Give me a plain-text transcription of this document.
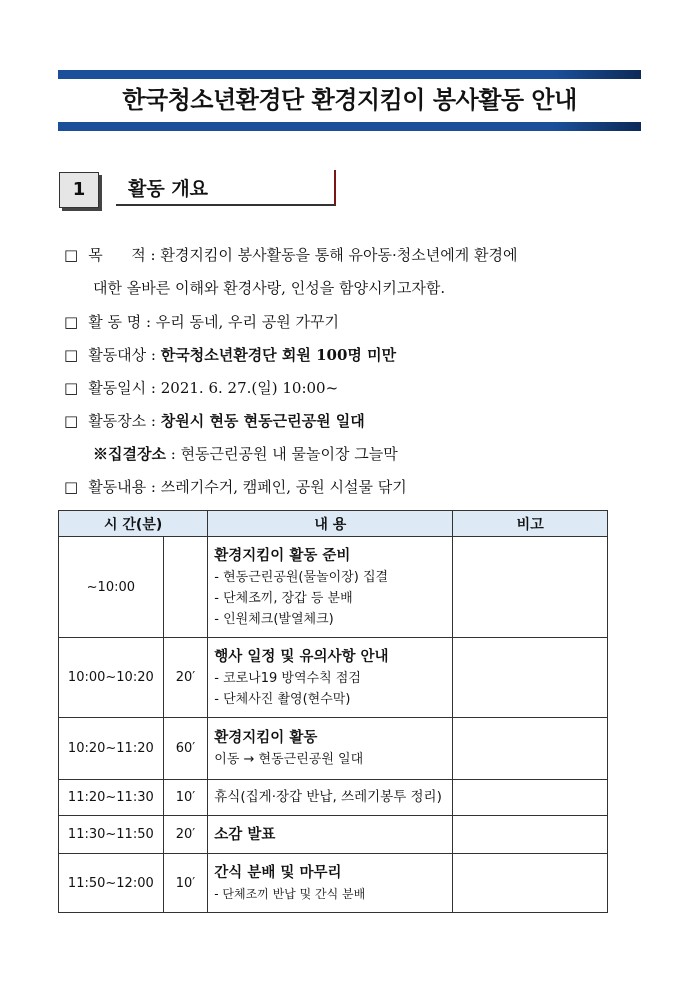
한국청소년환경단 환경지킴이 봉사활동 안내
1	활동 개요
□ 목      적 : 환경지킴이 봉사활동을 통해 유아동·청소년에게 환경에
대한 올바른 이해와 환경사랑, 인성을 함양시키고자함.
□ 활 동 명 : 우리 동네, 우리 공원 가꾸기
□ 활동대상 : 한국청소년환경단 회원 100명 미만
□ 활동일시 : 2021. 6. 27.(일) 10:00~
□ 활동장소 : 창원시 현동 현동근린공원 일대
※집결장소 : 현동근린공원 내 물놀이장 그늘막
□ 활동내용 : 쓰레기수거, 캠페인, 공원 시설물 닦기
시 간(분)		내 용	비고
~10:00		환경지킴이 활동 준비
- 현동근린공원(물놀이장) 집결
- 단체조끼, 장갑 등 분배
- 인원체크(발열체크)	

10:00~10:20	20′	행사 일정 및 유의사항 안내
- 코로나19 방역수칙 점검
- 단체사진 촬영(현수막)	

10:20~11:20	60′	환경지킴이 활동
이동 → 현동근린공원 일대	

11:20~11:30	10′	휴식(집게·장갑 반납, 쓰레기봉투 정리)	

11:30~11:50	20′	소감 발표	

11:50~12:00	10′	간식 분배 및 마무리
- 단체조끼 반납 및 간식 분배	
